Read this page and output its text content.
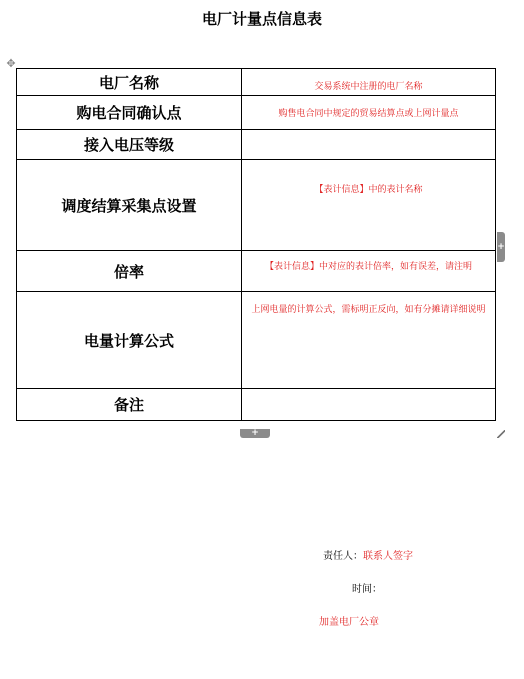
电厂计量点信息表
✥
电厂名称	交易系统中注册的电厂名称
购电合同确认点	购售电合同中规定的贸易结算点或上网计量点
接入电压等级	
调度结算采集点设置	【表计信息】中的表计名称
倍率	【表计信息】中对应的表计倍率，如有误差，请注明
电量计算公式	上网电量的计算公式，需标明正反向，如有分摊请详细说明
备注	
+
+
责任人：联系人签字
时间：
加盖电厂公章
